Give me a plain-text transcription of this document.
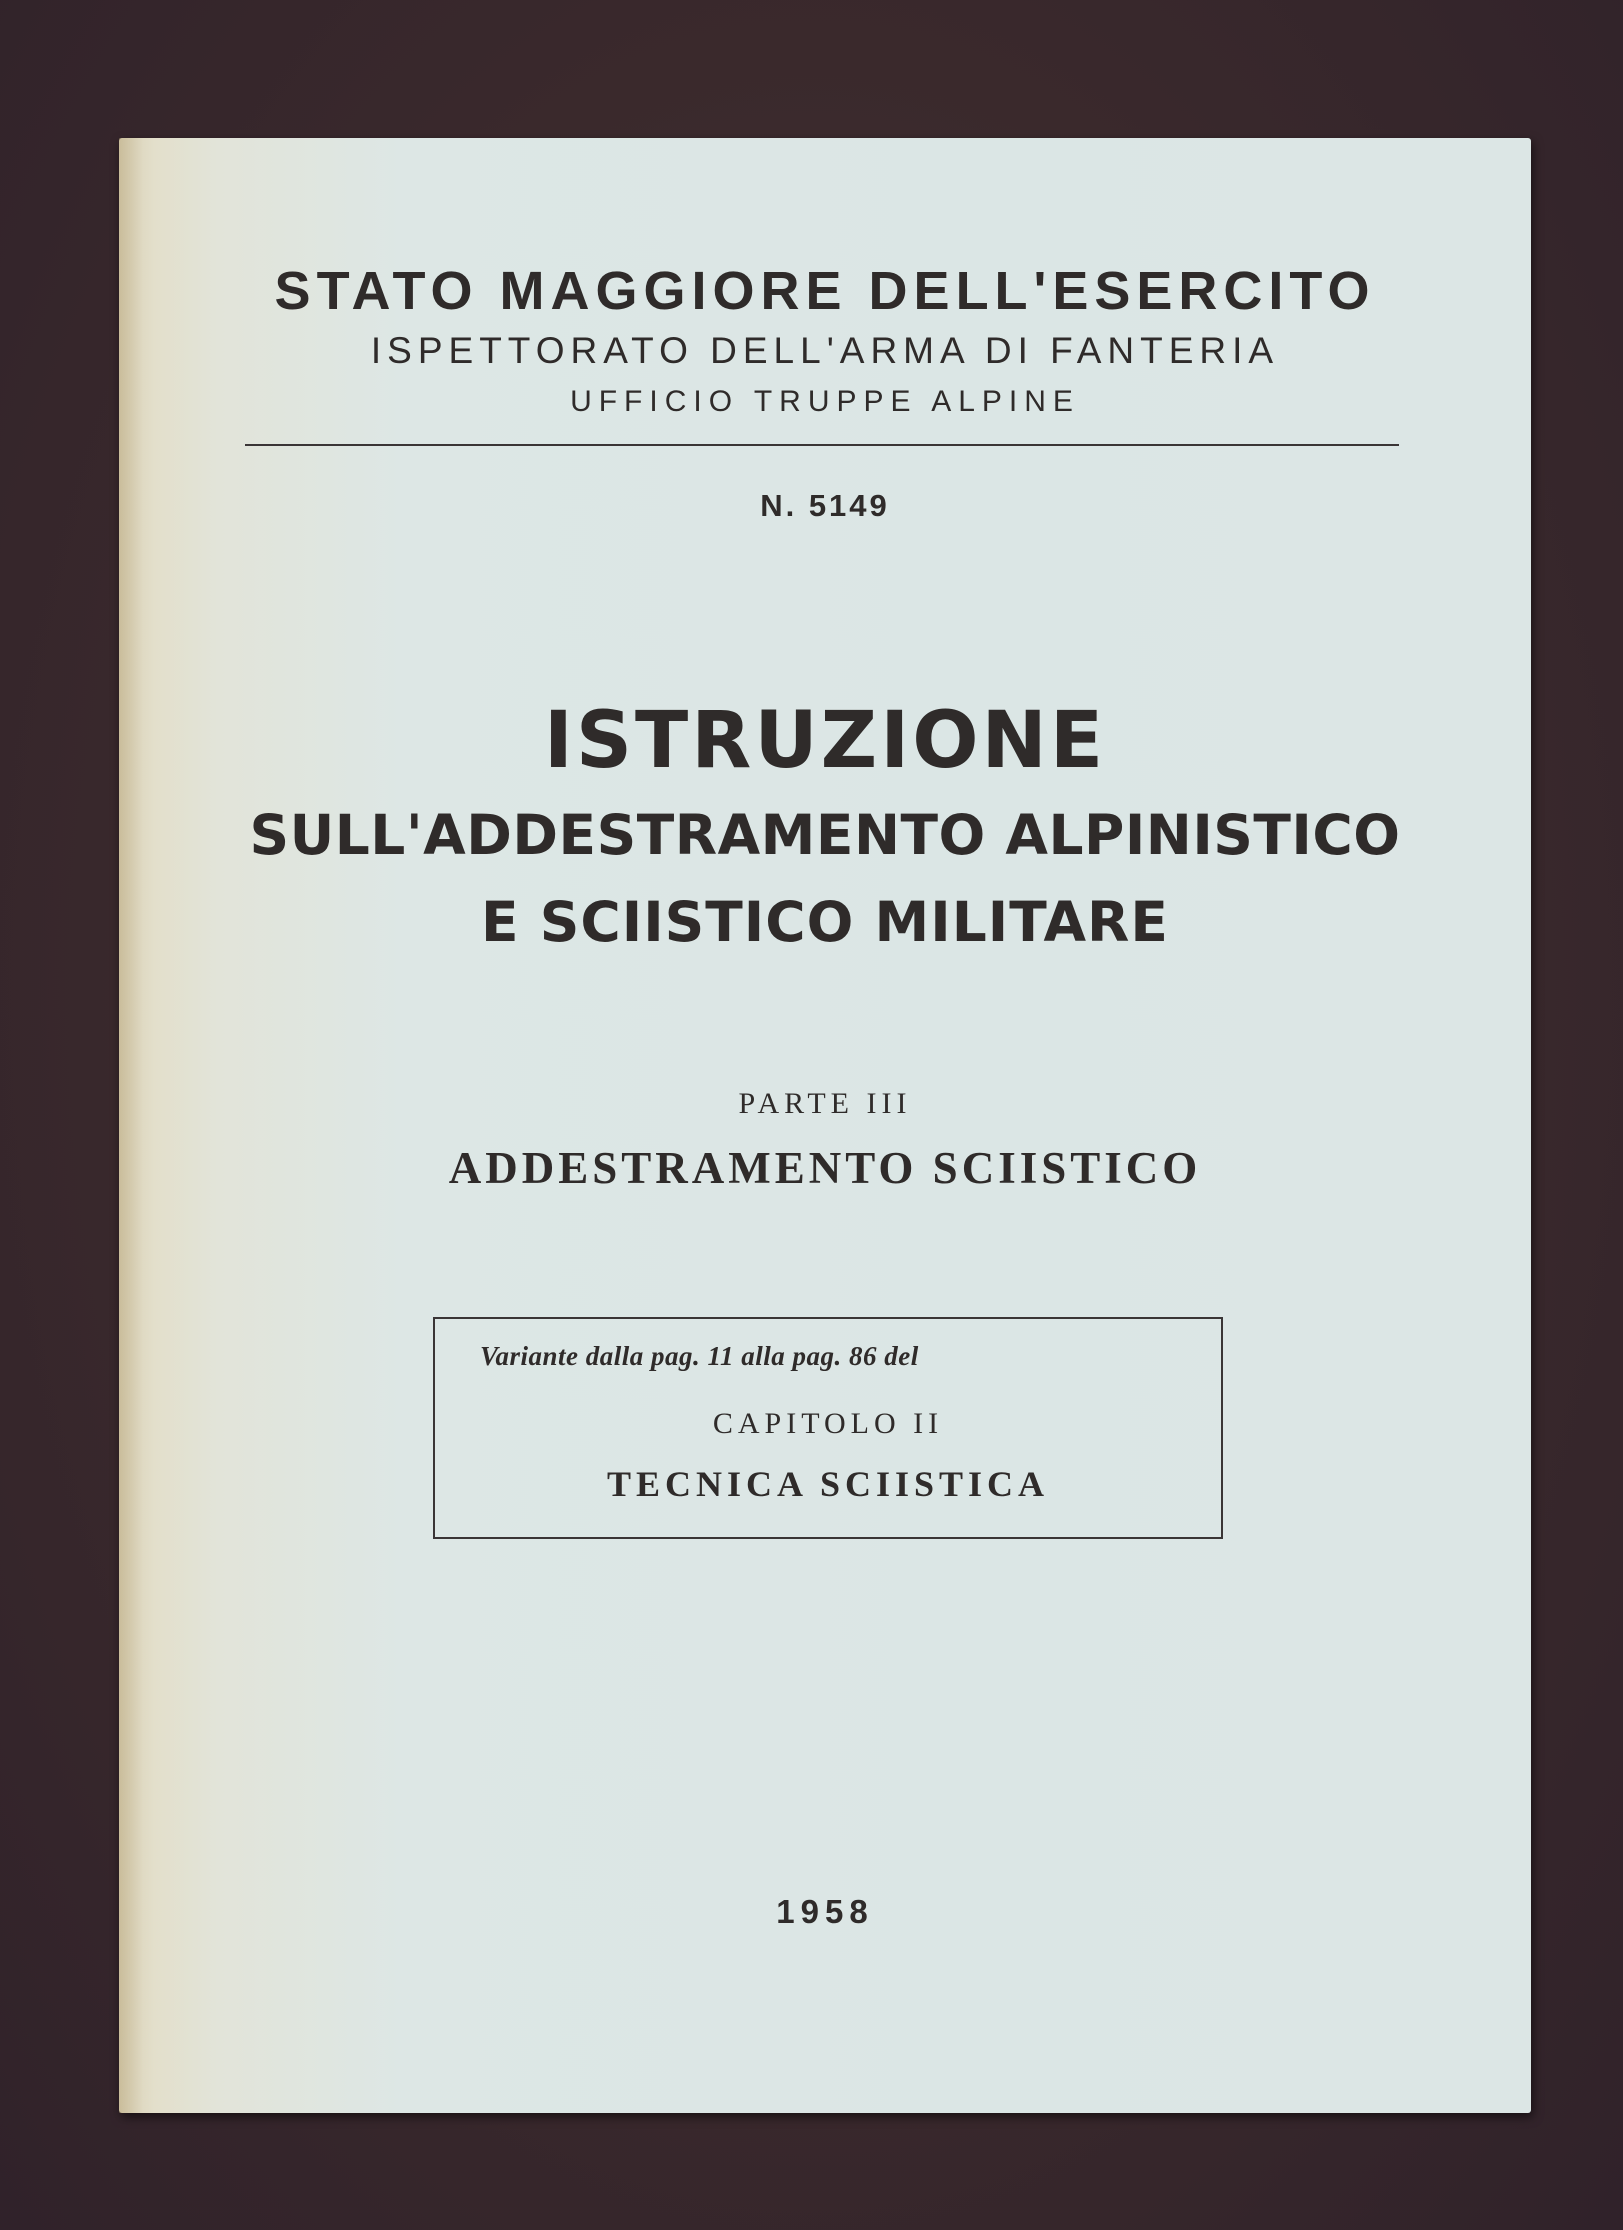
STATO MAGGIORE DELL'ESERCITO
ISPETTORATO DELL'ARMA DI FANTERIA
UFFICIO TRUPPE ALPINE
N. 5149
ISTRUZIONE
SULL'ADDESTRAMENTO ALPINISTICO
E SCIISTICO MILITARE
PARTE III
ADDESTRAMENTO SCIISTICO
Variante dalla pag. 11 alla pag. 86 del
CAPITOLO II
TECNICA SCIISTICA
1958
